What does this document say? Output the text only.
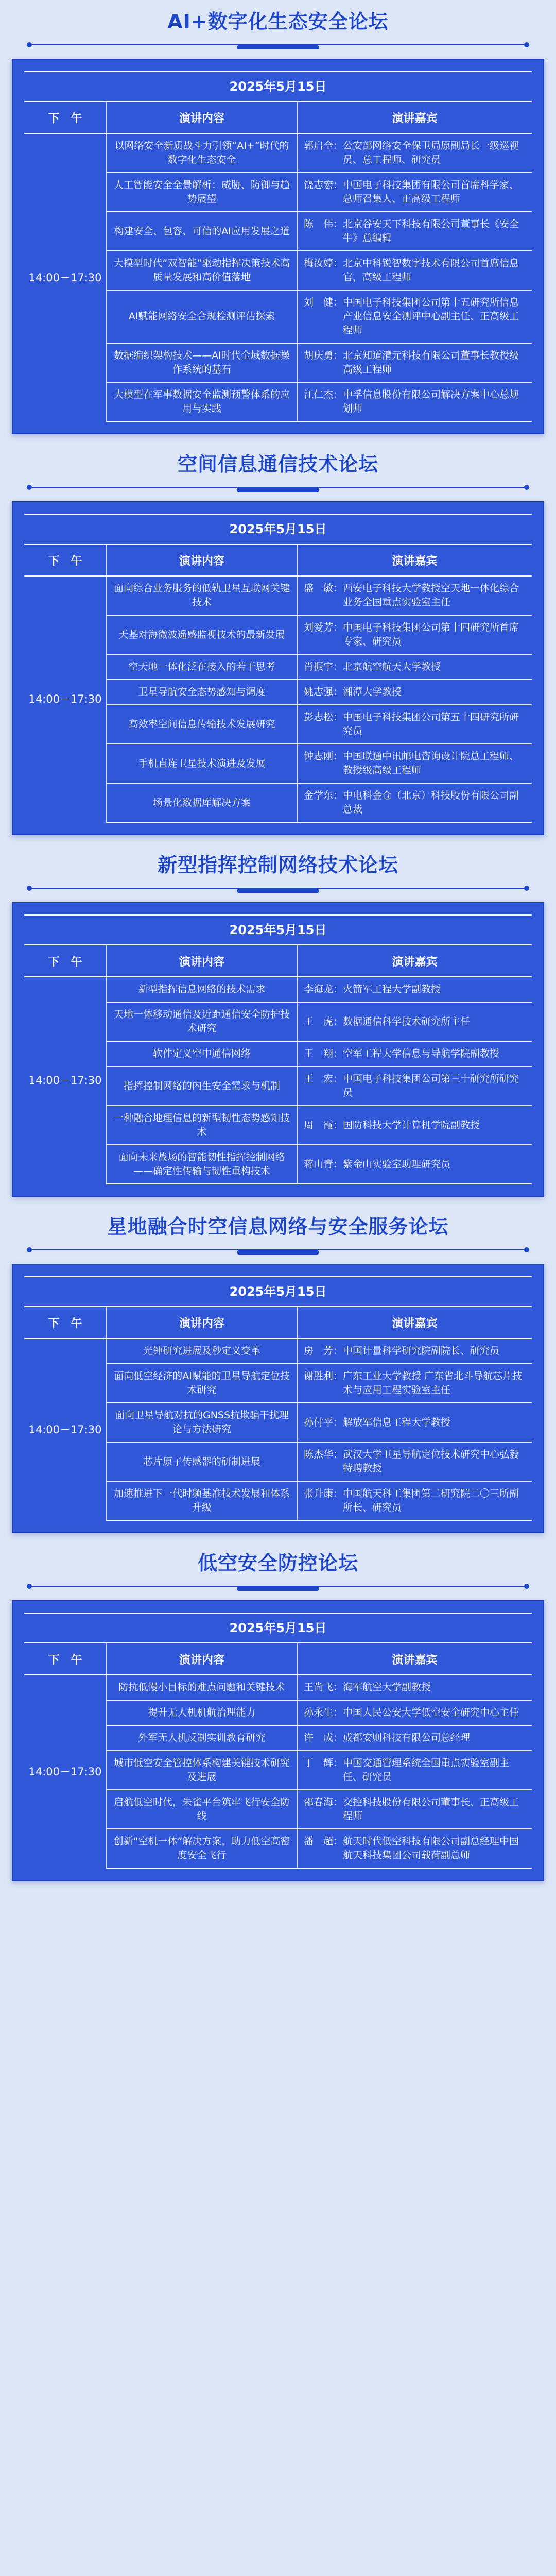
AI+数字化生态安全论坛
2025年5月15日
下　午	演讲内容	演讲嘉宾
14:00－17:30	以网络安全新质战斗力引领“AI+”时代的数字化生态安全	郭启全： 公安部网络安全保卫局原副局长一级巡视员、总工程师、研究员

	人工智能安全全景解析：威胁、防御与趋势展望	饶志宏： 中国电子科技集团有限公司首席科学家、总师召集人、正高级工程师

	构建安全、包容、可信的AI应用发展之道	陈　伟： 北京谷安天下科技有限公司董事长《安全牛》总编辑

	大模型时代“双智能”驱动指挥决策技术高质量发展和高价值落地	梅汝婷： 北京中科锐智数字技术有限公司首席信息官，高级工程师

	AI赋能网络安全合规检测评估探索	刘　健： 中国电子科技集团公司第十五研究所信息产业信息安全测评中心副主任、正高级工程师

	数据编织架构技术——AI时代全域数据操作系统的基石	胡庆勇： 北京知道清元科技有限公司董事长教授级高级工程师

	大模型在军事数据安全监测预警体系的应用与实践	江仁杰： 中孚信息股份有限公司解决方案中心总规划师
空间信息通信技术论坛
2025年5月15日
下　午	演讲内容	演讲嘉宾
14:00－17:30	面向综合业务服务的低轨卫星互联网关键技术	盛　敏： 西安电子科技大学教授空天地一体化综合业务全国重点实验室主任

	天基对海微波遥感监视技术的最新发展	刘爱芳： 中国电子科技集团公司第十四研究所首席专家、研究员

	空天地一体化泛在接入的若干思考	肖振宇： 北京航空航天大学教授

	卫星导航安全态势感知与调度	姚志强： 湘潭大学教授

	高效率空间信息传输技术发展研究	彭志松： 中国电子科技集团公司第五十四研究所研究员

	手机直连卫星技术演进及发展	钟志刚： 中国联通中讯邮电咨询设计院总工程师、教授级高级工程师

	场景化数据库解决方案	金学东： 中电科金仓（北京）科技股份有限公司副总裁
新型指挥控制网络技术论坛
2025年5月15日
下　午	演讲内容	演讲嘉宾
14:00－17:30	新型指挥信息网络的技术需求	李海龙： 火箭军工程大学副教授

	天地一体移动通信及近距通信安全防护技术研究	王　虎： 数据通信科学技术研究所主任

	软件定义空中通信网络	王　翔： 空军工程大学信息与导航学院副教授

	指挥控制网络的内生安全需求与机制	王　宏： 中国电子科技集团公司第三十研究所研究员

	一种融合地理信息的新型韧性态势感知技术	周　霞： 国防科技大学计算机学院副教授

	面向未来战场的智能韧性指挥控制网络——确定性传输与韧性重构技术	蒋山青： 紫金山实验室助理研究员
星地融合时空信息网络与安全服务论坛
2025年5月15日
下　午	演讲内容	演讲嘉宾
14:00－17:30	光钟研究进展及秒定义变革	房　芳： 中国计量科学研究院副院长、研究员

	面向低空经济的AI赋能的卫星导航定位技术研究	谢胜利： 广东工业大学教授 广东省北斗导航芯片技术与应用工程实验室主任

	面向卫星导航对抗的GNSS抗欺骗干扰理论与方法研究	孙付平： 解放军信息工程大学教授

	芯片原子传感器的研制进展	陈杰华： 武汉大学卫星导航定位技术研究中心弘毅特聘教授

	加速推进下一代时频基准技术发展和体系升级	张升康： 中国航天科工集团第二研究院二〇三所副所长、研究员
低空安全防控论坛
2025年5月15日
下　午	演讲内容	演讲嘉宾
14:00－17:30	防抗低慢小目标的难点问题和关键技术	王尚飞： 海军航空大学副教授

	提升无人机机航治理能力	孙永生： 中国人民公安大学低空安全研究中心主任

	外军无人机反制实训教育研究	许　成： 成都安则科技有限公司总经理

	城市低空安全管控体系构建关键技术研究及进展	丁　辉： 中国交通管理系统全国重点实验室副主任、研究员

	启航低空时代，朱雀平台筑牢飞行安全防线	邵春海： 交控科技股份有限公司董事长、正高级工程师

	创新“空机一体”解决方案，助力低空高密度安全飞行	潘　超： 航天时代低空科技有限公司副总经理中国航天科技集团公司载荷副总师
